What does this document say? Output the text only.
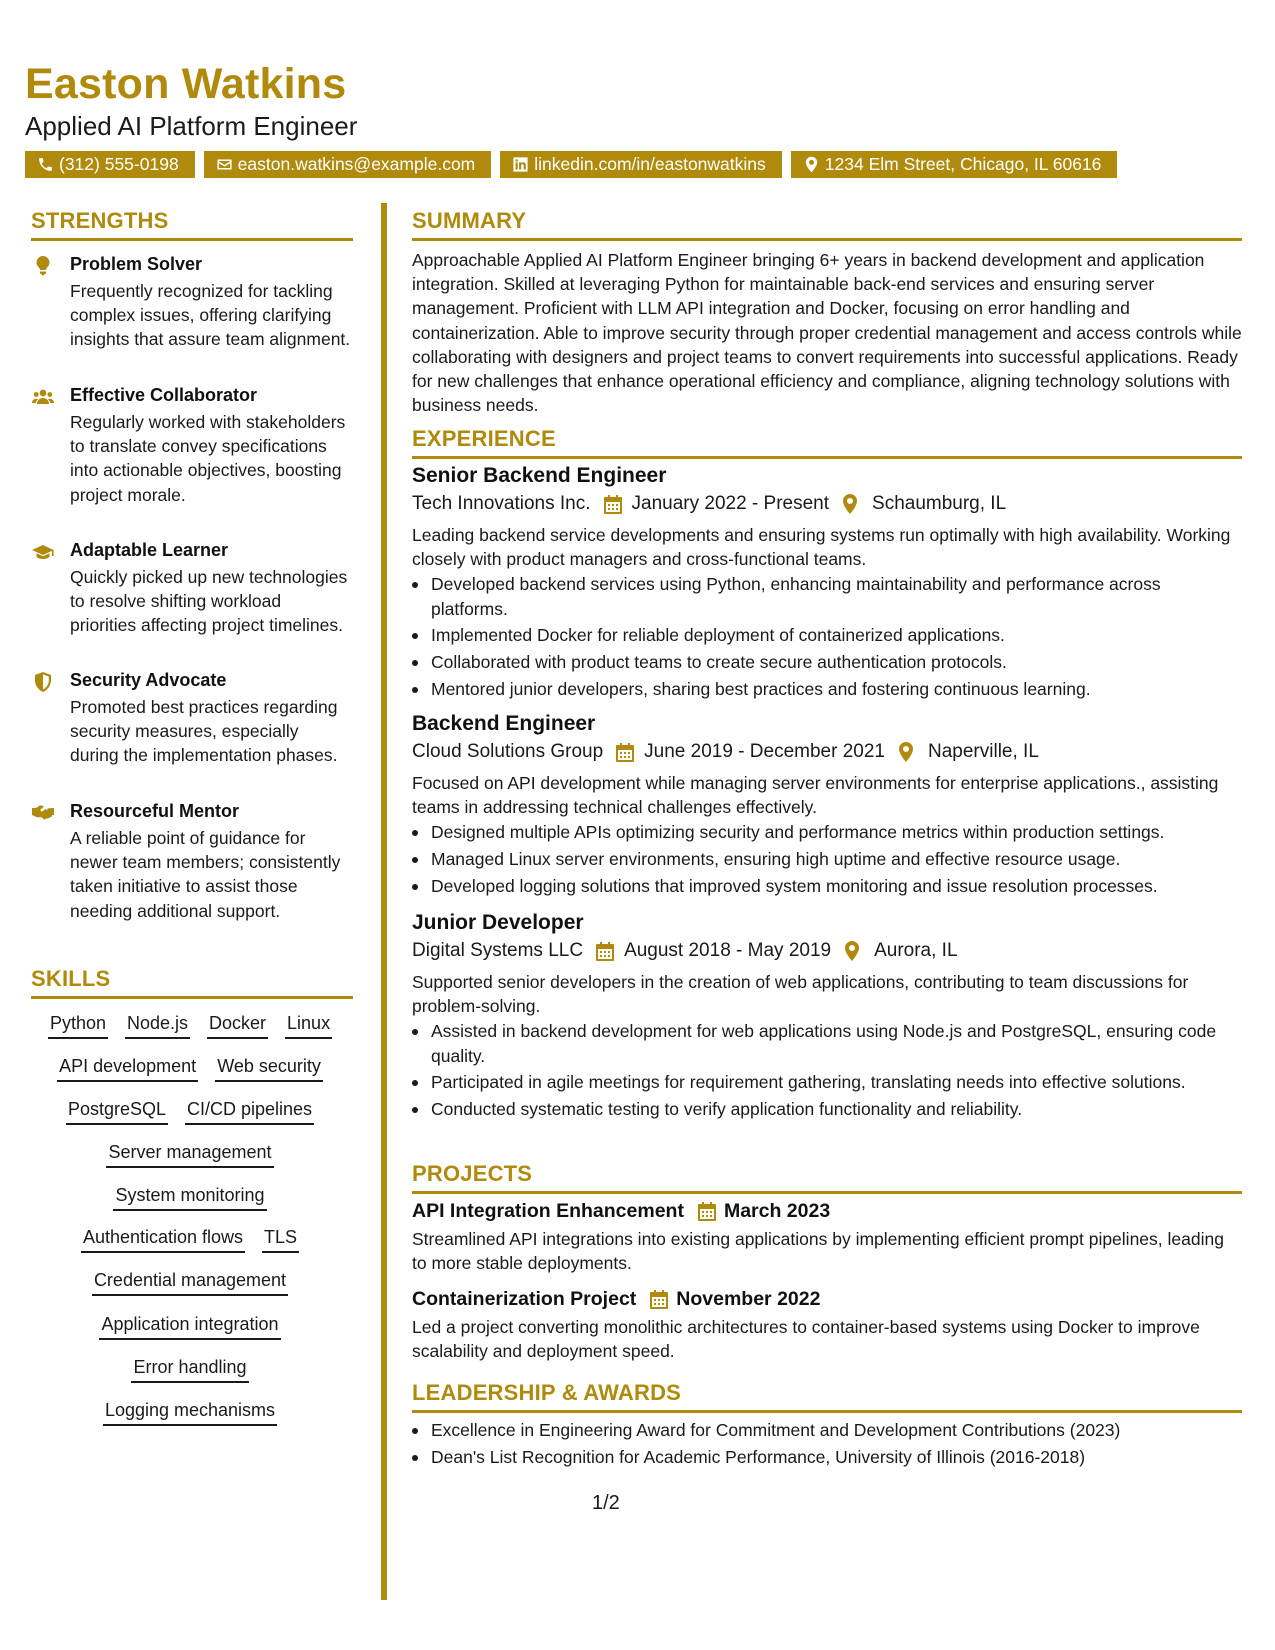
Easton Watkins
Applied AI Platform Engineer
(312) 555-0198	easton.watkins@example.com	linkedin.com/in/eastonwatkins	1234 Elm Street, Chicago, IL 60616
STRENGTHS
Problem Solver
Frequently recognized for tackling complex issues, offering clarifying insights that assure team alignment.
Effective Collaborator
Regularly worked with stakeholders to translate convey specifications into actionable objectives, boosting project morale.
Adaptable Learner
Quickly picked up new technologies to resolve shifting workload priorities affecting project timelines.
Security Advocate
Promoted best practices regarding security measures, especially during the implementation phases.
Resourceful Mentor
A reliable point of guidance for newer team members; consistently taken initiative to assist those needing additional support.
SKILLS
Python Node.js Docker Linux
API development Web security
PostgreSQL CI/CD pipelines
Server management
System monitoring
Authentication flows TLS
Credential management
Application integration
Error handling
Logging mechanisms
SUMMARY
Approachable Applied AI Platform Engineer bringing 6+ years in backend development and application integration. Skilled at leveraging Python for maintainable back-end services and ensuring server management. Proficient with LLM API integration and Docker, focusing on error handling and containerization. Able to improve security through proper credential management and access controls while collaborating with designers and project teams to convert requirements into successful applications. Ready for new challenges that enhance operational efficiency and compliance, aligning technology solutions with business needs.
EXPERIENCE
Senior Backend Engineer
Tech Innovations Inc. January 2022 - Present Schaumburg, IL
Leading backend service developments and ensuring systems run optimally with high availability. Working closely with product managers and cross-functional teams.
Developed backend services using Python, enhancing maintainability and performance across platforms.
Implemented Docker for reliable deployment of containerized applications.
Collaborated with product teams to create secure authentication protocols.
Mentored junior developers, sharing best practices and fostering continuous learning.
Backend Engineer
Cloud Solutions Group June 2019 - December 2021 Naperville, IL
Focused on API development while managing server environments for enterprise applications., assisting teams in addressing technical challenges effectively.
Designed multiple APIs optimizing security and performance metrics within production settings.
Managed Linux server environments, ensuring high uptime and effective resource usage.
Developed logging solutions that improved system monitoring and issue resolution processes.
Junior Developer
Digital Systems LLC August 2018 - May 2019 Aurora, IL
Supported senior developers in the creation of web applications, contributing to team discussions for problem-solving.
Assisted in backend development for web applications using Node.js and PostgreSQL, ensuring code quality.
Participated in agile meetings for requirement gathering, translating needs into effective solutions.
Conducted systematic testing to verify application functionality and reliability.
PROJECTS
API Integration Enhancement March 2023
Streamlined API integrations into existing applications by implementing efficient prompt pipelines, leading to more stable deployments.
Containerization Project November 2022
Led a project converting monolithic architectures to container-based systems using Docker to improve scalability and deployment speed.
LEADERSHIP & AWARDS
Excellence in Engineering Award for Commitment and Development Contributions (2023)
Dean's List Recognition for Academic Performance, University of Illinois (2016-2018)
1/2
